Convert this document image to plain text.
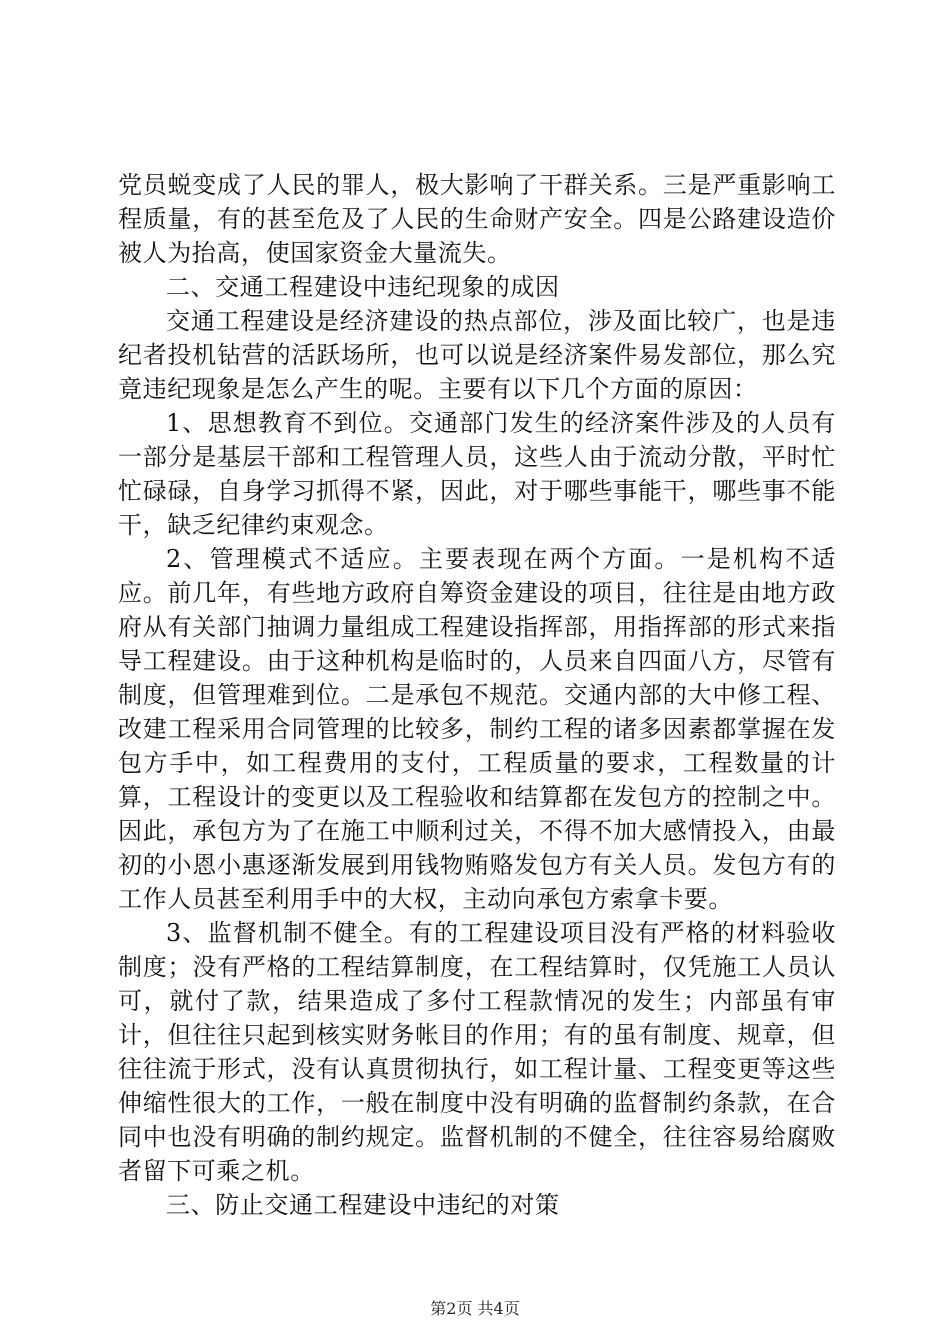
党员蜕变成了人民的罪人，极大影响了干群关系。三是严重影响工程质量，有的甚至危及了人民的生命财产安全。四是公路建设造价被人为抬高，使国家资金大量流失。

二、交通工程建设中违纪现象的成因

交通工程建设是经济建设的热点部位，涉及面比较广，也是违纪者投机钻营的活跃场所，也可以说是经济案件易发部位，那么究竟违纪现象是怎么产生的呢。主要有以下几个方面的原因：

1、思想教育不到位。交通部门发生的经济案件涉及的人员有一部分是基层干部和工程管理人员，这些人由于流动分散，平时忙忙碌碌，自身学习抓得不紧，因此，对于哪些事能干，哪些事不能干，缺乏纪律约束观念。

2、管理模式不适应。主要表现在两个方面。一是机构不适应。前几年，有些地方政府自筹资金建设的项目，往往是由地方政府从有关部门抽调力量组成工程建设指挥部，用指挥部的形式来指导工程建设。由于这种机构是临时的，人员来自四面八方，尽管有制度，但管理难到位。二是承包不规范。交通内部的大中修工程、改建工程采用合同管理的比较多，制约工程的诸多因素都掌握在发包方手中，如工程费用的支付，工程质量的要求，工程数量的计算，工程设计的变更以及工程验收和结算都在发包方的控制之中。因此，承包方为了在施工中顺利过关，不得不加大感情投入，由最初的小恩小惠逐渐发展到用钱物贿赂发包方有关人员。发包方有的工作人员甚至利用手中的大权，主动向承包方索拿卡要。

3、监督机制不健全。有的工程建设项目没有严格的材料验收制度；没有严格的工程结算制度，在工程结算时，仅凭施工人员认可，就付了款，结果造成了多付工程款情况的发生；内部虽有审计，但往往只起到核实财务帐目的作用；有的虽有制度、规章，但往往流于形式，没有认真贯彻执行，如工程计量、工程变更等这些伸缩性很大的工作，一般在制度中没有明确的监督制约条款，在合同中也没有明确的制约规定。监督机制的不健全，往往容易给腐败者留下可乘之机。

三、防止交通工程建设中违纪的对策

第2页 共4页
